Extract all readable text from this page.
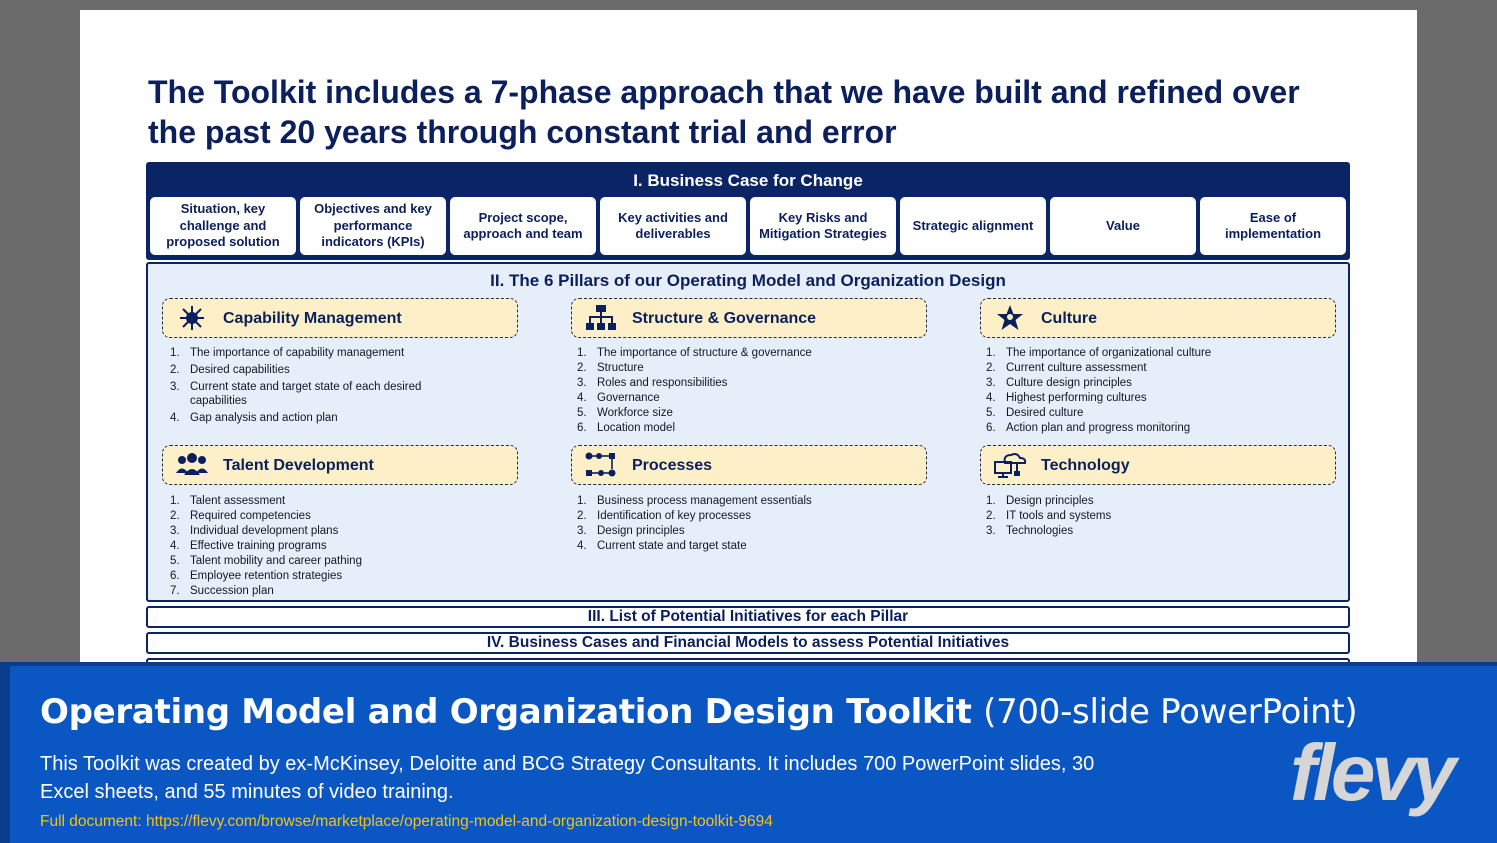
The Toolkit includes a 7-phase approach that we have built and refined over the past 20 years through constant trial and error
I. Business Case for Change
Situation, key challenge and proposed solution
Objectives and key performance indicators (KPIs)
Project scope, approach and team
Key activities and deliverables
Key Risks and Mitigation Strategies
Strategic alignment	Value
Ease of implementation
II. The 6 Pillars of our Operating Model and Organization Design
Capability Management
1. The importance of capability management
2. Desired capabilities
3. Current state and target state of each desired capabilities
4. Gap analysis and action plan
Structure & Governance
1. The importance of structure & governance
2. Structure
3. Roles and responsibilities
4. Governance
5. Workforce size
6. Location model
Culture
1. The importance of organizational culture
2. Current culture assessment
3. Culture design principles
4. Highest performing cultures
5. Desired culture
6. Action plan and progress monitoring
Talent Development
1. Talent assessment
2. Required competencies
3. Individual development plans
4. Effective training programs
5. Talent mobility and career pathing
6. Employee retention strategies
7. Succession plan
Processes
1. Business process management essentials
2. Identification of key processes
3. Design principles
4. Current state and target state
Technology
1. Design principles
2. IT tools and systems
3. Technologies
III. List of Potential Initiatives for each Pillar
IV. Business Cases and Financial Models to assess Potential Initiatives
Operating Model and Organization Design Toolkit (700-slide PowerPoint)
This Toolkit was created by ex-McKinsey, Deloitte and BCG Strategy Consultants. It includes 700 PowerPoint slides, 30 Excel sheets, and 55 minutes of video training.
Full document: https://flevy.com/browse/marketplace/operating-model-and-organization-design-toolkit-9694
flevy
